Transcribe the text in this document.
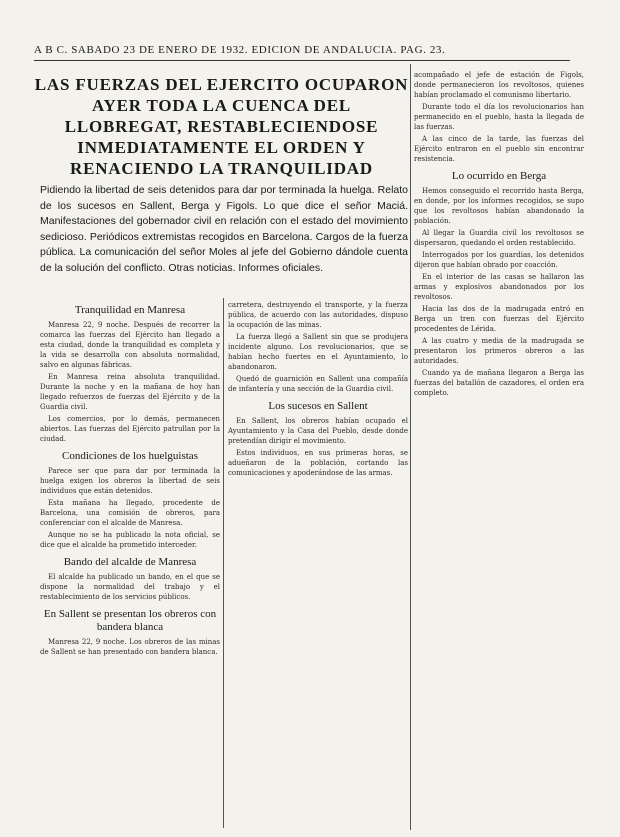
A B C. SABADO 23 DE ENERO DE 1932. EDICION DE ANDALUCIA. PAG. 23.
LAS FUERZAS DEL EJERCITO OCUPARON AYER TODA LA CUENCA DEL LLOBREGAT, RESTABLECIENDOSE INMEDIATAMENTE EL ORDEN Y RENACIENDO LA TRANQUILIDAD
Pidiendo la libertad de seis detenidos para dar por terminada la huelga. Relato de los sucesos en Sallent, Berga y Figols. Lo que dice el señor Maciá. Manifestaciones del gobernador civil en relación con el estado del movimiento sedicioso. Periódicos extremistas recogidos en Barcelona. Cargos de la fuerza pública. La comunicación del señor Moles al jefe del Gobierno dándole cuenta de la solución del conflicto. Otras noticias. Informes oficiales.
Tranquilidad en Manresa

Manresa 22, 9 noche. Después de recorrer la comarca las fuerzas del Ejército han llegado a esta ciudad, donde la tranquilidad es completa y la vida se desarrolla con absoluta normalidad, salvo en algunas fábricas.

En Manresa reina absoluta tranquilidad. Durante la noche y en la mañana de hoy han llegado refuerzos de fuerzas del Ejército y de la Guardia civil.

Los comercios, por lo demás, permanecen abiertos. Las fuerzas del Ejército patrullan por la ciudad.

Condiciones de los huelguistas

Parece ser que para dar por terminada la huelga exigen los obreros la libertad de seis individuos que están detenidos.

Esta mañana ha llegado, procedente de Barcelona, una comisión de obreros, para conferenciar con el alcalde de Manresa.

Aunque no se ha publicado la nota oficial, se dice que el alcalde ha prometido interceder.

Bando del alcalde de Manresa

El alcalde ha publicado un bando, en el que se dispone la normalidad del trabajo y el restablecimiento de los servicios públicos.

En Sallent se presentan los obreros con bandera blanca

Manresa 22, 9 noche. Los obreros de las minas de Sallent se han presentado con bandera blanca.

carretera, destruyendo el transporte, y la fuerza pública, de acuerdo con las autoridades, dispuso la ocupación de las minas.

La fuerza llegó a Sallent sin que se produjera incidente alguno. Los revolucionarios, que se habían hecho fuertes en el Ayuntamiento, lo abandonaron.

Quedó de guarnición en Sallent una compañía de infantería y una sección de la Guardia civil.

Los sucesos en Sallent

En Sallent, los obreros habían ocupado el Ayuntamiento y la Casa del Pueblo, desde donde pretendían dirigir el movimiento.

Estos individuos, en sus primeras horas, se adueñaron de la población, cortando las comunicaciones y apoderándose de las armas.

acompañado el jefe de estación de Figols, donde permanecieron los revoltosos, quienes habían proclamado el comunismo libertario.

Durante todo el día los revolucionarios han permanecido en el pueblo, hasta la llegada de las fuerzas.

A las cinco de la tarde, las fuerzas del Ejército entraron en el pueblo sin encontrar resistencia.

Lo ocurrido en Berga

Hemos conseguido el recorrido hasta Berga, en donde, por los informes recogidos, se supo que los revoltosos habían abandonado la población.

Al llegar la Guardia civil los revoltosos se dispersaron, quedando el orden restablecido.

Interrogados por los guardias, los detenidos dijeron que habían obrado por coacción.

En el interior de las casas se hallaron las armas y explosivos abandonados por los revoltosos.

Hacia las dos de la madrugada entró en Berga un tren con fuerzas del Ejército procedentes de Lérida.

A las cuatro y media de la madrugada se presentaron los primeros obreros a las autoridades.

Cuando ya de mañana llegaron a Berga las fuerzas del batallón de cazadores, el orden era completo.
